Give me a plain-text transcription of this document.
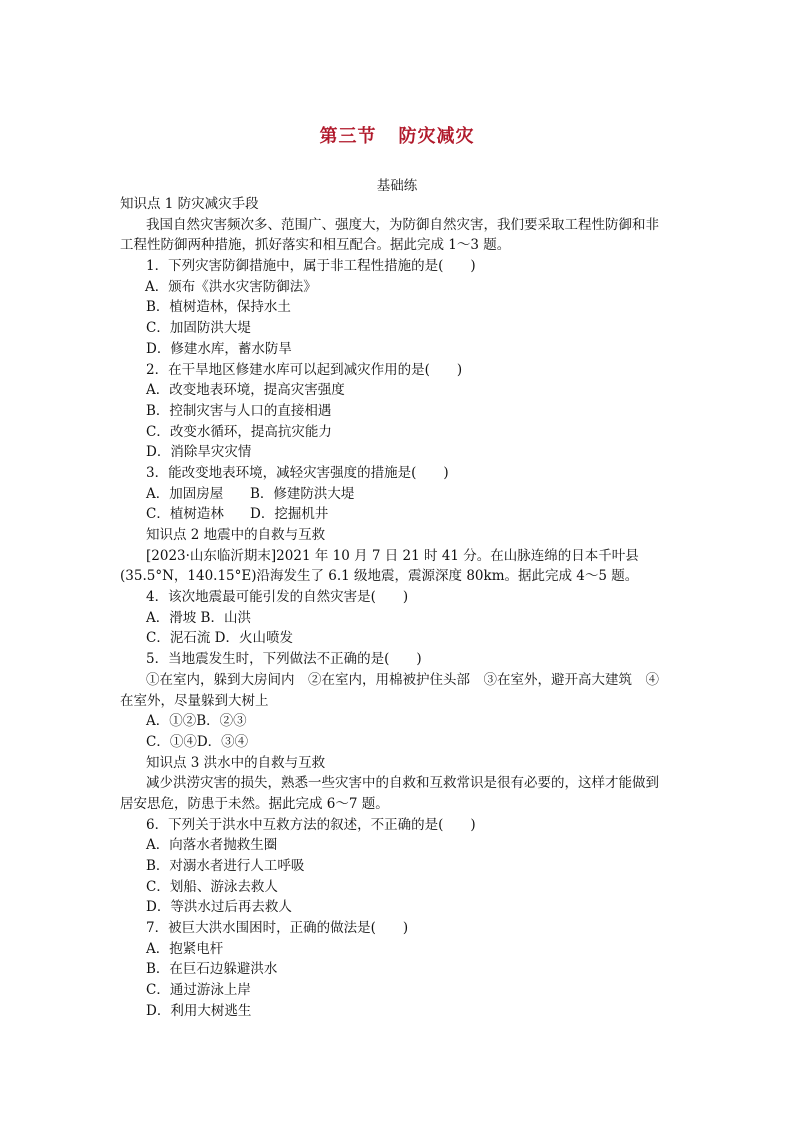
第三节 防灾减灾
基础练
知识点 1 防灾减灾手段
我国自然灾害频次多、范围广、强度大，为防御自然灾害，我们要采取工程性防御和非
工程性防御两种措施，抓好落实和相互配合。据此完成 1～3 题。
1．下列灾害防御措施中，属于非工程性措施的是(　　)
A．颁布《洪水灾害防御法》
B．植树造林，保持水土
C．加固防洪大堤
D．修建水库，蓄水防旱
2．在干旱地区修建水库可以起到减灾作用的是(　　)
A．改变地表环境，提高灾害强度
B．控制灾害与人口的直接相遇
C．改变水循环，提高抗灾能力
D．消除旱灾灾情
3．能改变地表环境，减轻灾害强度的措施是(　　)
A．加固房屋 B．修建防洪大堤
C．植树造林 D．挖掘机井
知识点 2 地震中的自救与互救
[2023·山东临沂期末]2021 年 10 月 7 日 21 时 41 分。在山脉连绵的日本千叶县
(35.5°N，140.15°E)沿海发生了 6.1 级地震，震源深度 80km。据此完成 4～5 题。
4．该次地震最可能引发的自然灾害是(　　)
A．滑坡 B．山洪
C．泥石流 D．火山喷发
5．当地震发生时，下列做法不正确的是(　　)
①在室内，躲到大房间内　②在室内，用棉被护住头部　③在室外，避开高大建筑　④
在室外，尽量躲到大树上
A．①②B．②③
C．①④D．③④
知识点 3 洪水中的自救与互救
减少洪涝灾害的损失，熟悉一些灾害中的自救和互救常识是很有必要的，这样才能做到
居安思危，防患于未然。据此完成 6～7 题。
6．下列关于洪水中互救方法的叙述，不正确的是(　　)
A．向落水者抛救生圈
B．对溺水者进行人工呼吸
C．划船、游泳去救人
D．等洪水过后再去救人
7．被巨大洪水围困时，正确的做法是(　　)
A．抱紧电杆
B．在巨石边躲避洪水
C．通过游泳上岸
D．利用大树逃生
